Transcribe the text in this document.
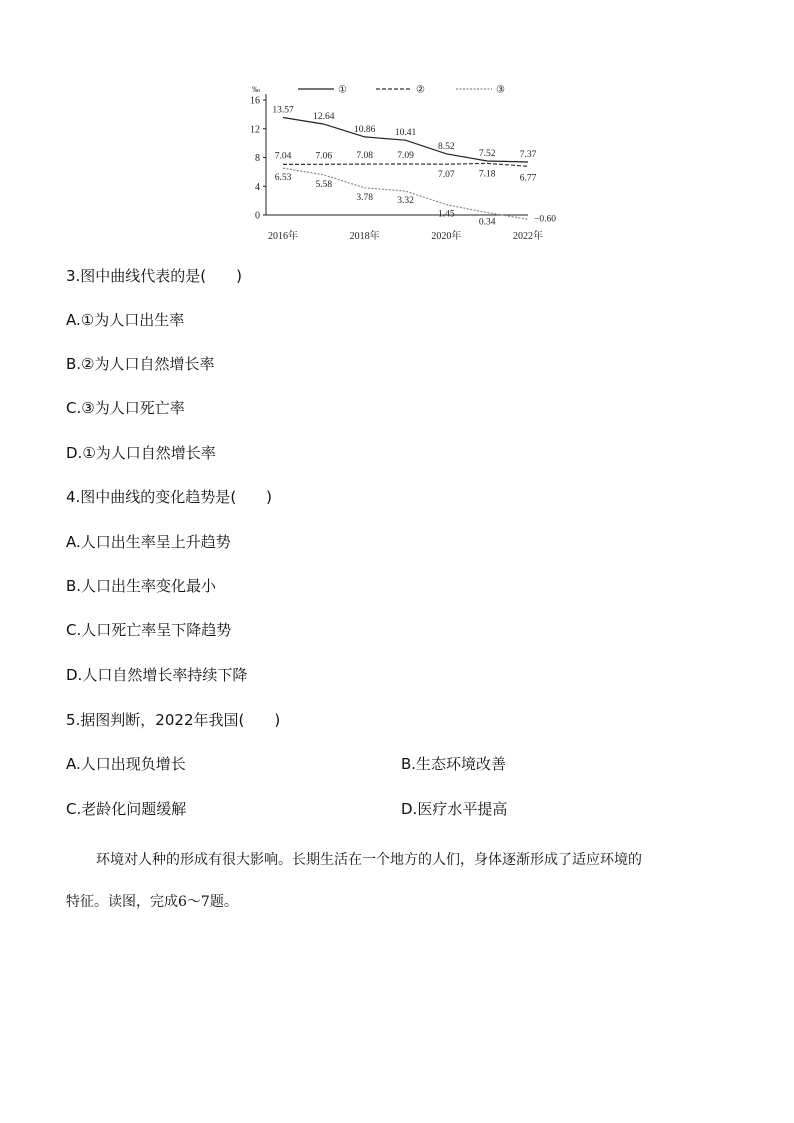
‰
0
4
8
12
16
2016年	2018年	2020年	2022年
①	②	③
13.57
12.64
10.86 10.41
8.52
7.52	7.37
7.04	7.06	7.08	7.09
7.07	7.18	6.77
6.53
5.58
3.78	3.32
1.45
0.34	−0.60
3.图中曲线代表的是(　　)
A.①为人口出生率
B.②为人口自然增长率
C.③为人口死亡率
D.①为人口自然增长率
4.图中曲线的变化趋势是(　　)
A.人口出生率呈上升趋势
B.人口出生率变化最小
C.人口死亡率呈下降趋势
D.人口自然增长率持续下降
5.据图判断，2022年我国(　　)
A.人口出现负增长	B.生态环境改善
C.老龄化问题缓解	D.医疗水平提高
环境对人种的形成有很大影响。长期生活在一个地方的人们，身体逐渐形成了适应环境的
特征。读图，完成6～7题。
